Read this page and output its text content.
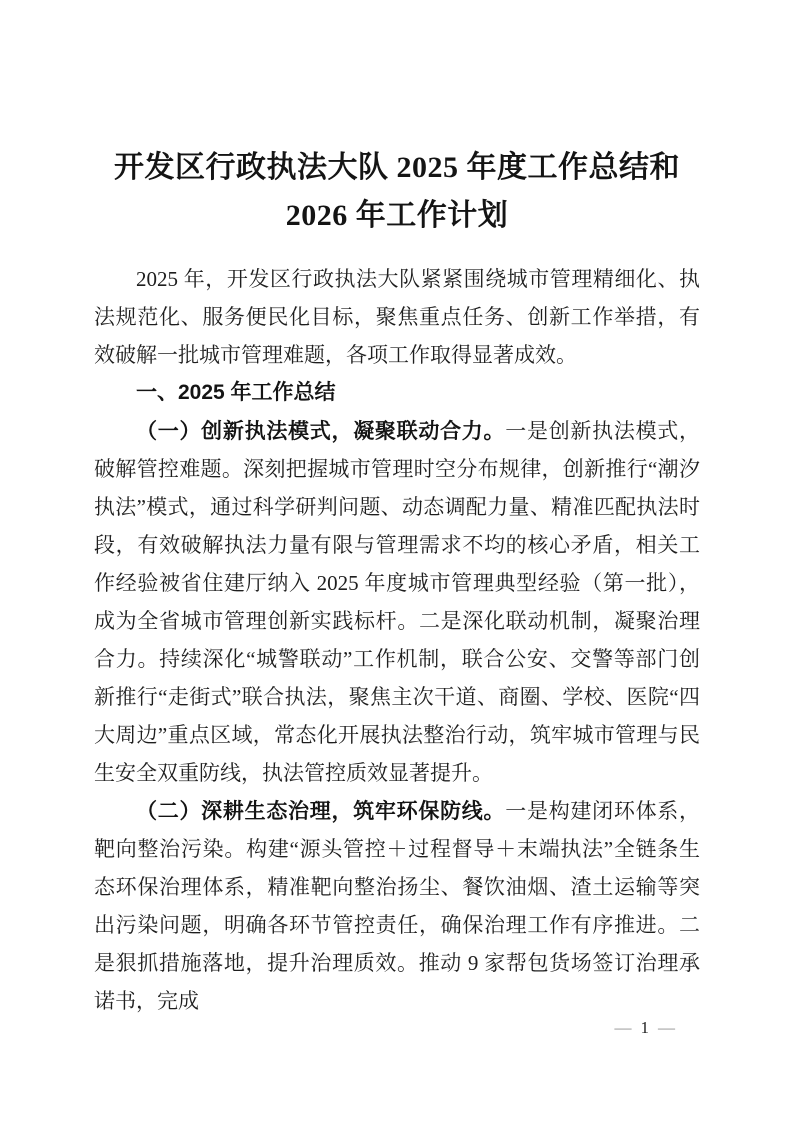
开发区行政执法大队 2025 年度工作总结和
2026 年工作计划

2025 年，开发区行政执法大队紧紧围绕城市管理精细化、执法规范化、服务便民化目标，聚焦重点任务、创新工作举措，有效破解一批城市管理难题，各项工作取得显著成效。

一、2025 年工作总结

（一）创新执法模式，凝聚联动合力。一是创新执法模式，破解管控难题。深刻把握城市管理时空分布规律，创新推行“潮汐执法”模式，通过科学研判问题、动态调配力量、精准匹配执法时段，有效破解执法力量有限与管理需求不均的核心矛盾，相关工作经验被省住建厅纳入 2025 年度城市管理典型经验（第一批），成为全省城市管理创新实践标杆。二是深化联动机制，凝聚治理合力。持续深化“城警联动”工作机制，联合公安、交警等部门创新推行“走街式”联合执法，聚焦主次干道、商圈、学校、医院“四大周边”重点区域，常态化开展执法整治行动，筑牢城市管理与民生安全双重防线，执法管控质效显著提升。

（二）深耕生态治理，筑牢环保防线。一是构建闭环体系，靶向整治污染。构建“源头管控＋过程督导＋末端执法”全链条生态环保治理体系，精准靶向整治扬尘、餐饮油烟、渣土运输等突出污染问题，明确各环节管控责任，确保治理工作有序推进。二是狠抓措施落地，提升治理质效。推动 9 家帮包货场签订治理承诺书，完成

— 1 —
